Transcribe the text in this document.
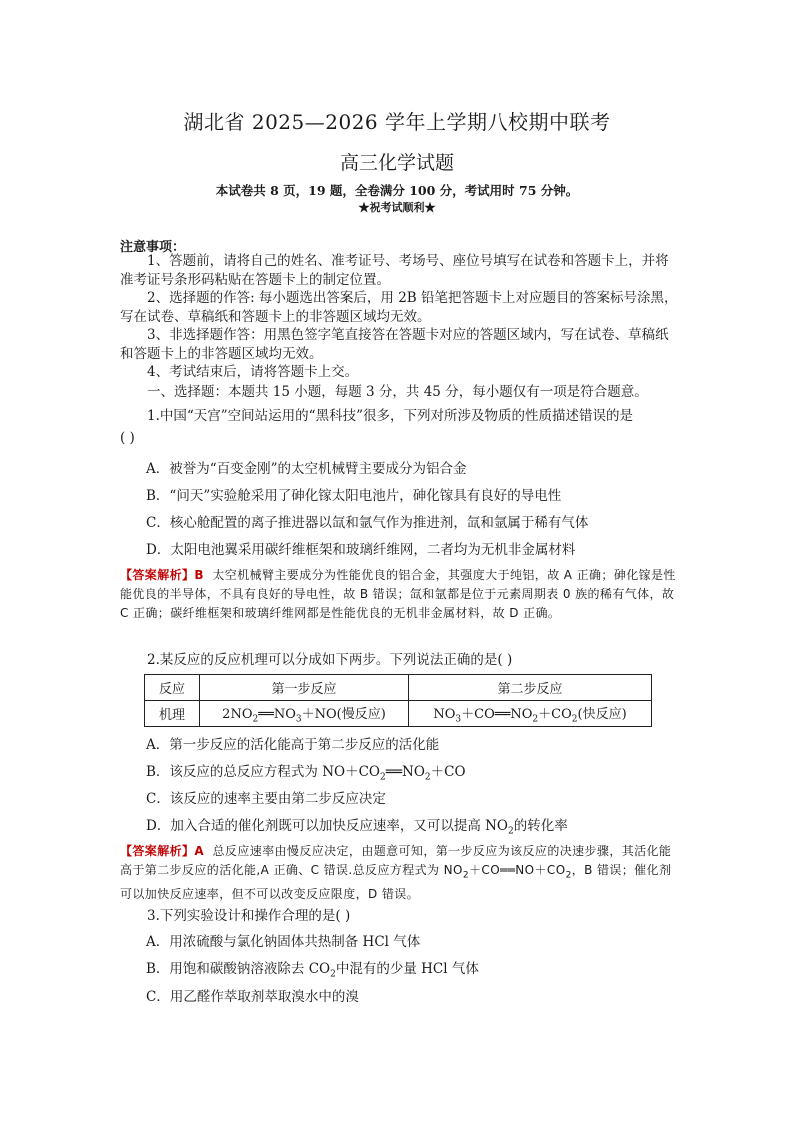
湖北省 2025—2026 学年上学期八校期中联考
高三化学试题
本试卷共 8 页，19 题，全卷满分 100 分，考试用时 75 分钟。
★祝考试顺利★
注意事项：
1、答题前，请将自己的姓名、准考证号、考场号、座位号填写在试卷和答题卡上，并将准考证号条形码粘贴在答题卡上的制定位置。
2、选择题的作答: 每小题选出答案后，用 2B 铅笔把答题卡上对应题目的答案标号涂黑，写在试卷、草稿纸和答题卡上的非答题区域均无效。
3、非选择题作答：用黑色签字笔直接答在答题卡对应的答题区域内，写在试卷、草稿纸和答题卡上的非答题区域均无效。
4、考试结束后，请将答题卡上交。
一、选择题：本题共 15 小题，每题 3 分，共 45 分，每小题仅有一项是符合题意。
1.中国“天宫”空间站运用的“黑科技”很多，下列对所涉及物质的性质描述错误的是
( )
A．被誉为“百变金刚”的太空机械臂主要成分为铝合金
B．“问天”实验舱采用了砷化镓太阳电池片，砷化镓具有良好的导电性
C．核心舱配置的离子推进器以氙和氩气作为推进剂，氙和氩属于稀有气体
D．太阳电池翼采用碳纤维框架和玻璃纤维网，二者均为无机非金属材料
【答案解析】B 太空机械臂主要成分为性能优良的铝合金，其强度大于纯铝，故 A 正确；砷化镓是性能优良的半导体，不具有良好的导电性，故 B 错误；氙和氩都是位于元素周期表 0 族的稀有气体，故 C 正确；碳纤维框架和玻璃纤维网都是性能优良的无机非金属材料，故 D 正确。
2.某反应的反应机理可以分成如下两步。下列说法正确的是( )
反应	第一步反应	第二步反应
机理	$2NO_2══NO_3+NO$(慢反应)	$NO_3+CO══NO_2+CO_2$(快反应)
A．第一步反应的活化能高于第二步反应的活化能
B．该反应的总反应方程式为 $NO+CO_2══NO_2+CO$
C．该反应的速率主要由第二步反应决定
D．加入合适的催化剂既可以加快反应速率，又可以提高 $NO_2$的转化率
【答案解析】A 总反应速率由慢反应决定，由题意可知，第一步反应为该反应的决速步骤，其活化能高于第二步反应的活化能,A 正确、C 错误.总反应方程式为 $NO_2+CO══NO+CO_2$，B 错误；催化剂可以加快反应速率，但不可以改变反应限度，D 错误。
3.下列实验设计和操作合理的是( )
A．用浓硫酸与氯化钠固体共热制备 HCl 气体
B．用饱和碳酸钠溶液除去 $CO_2$中混有的少量 HCl 气体
C．用乙醛作萃取剂萃取溴水中的溴
